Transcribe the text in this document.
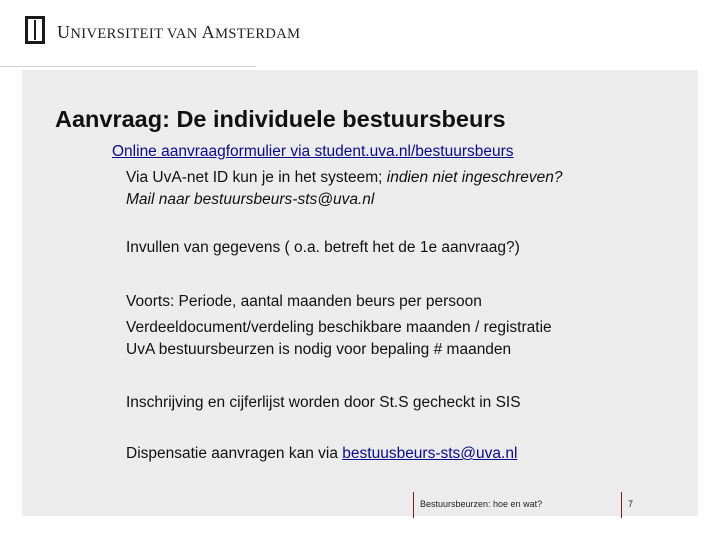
x
x
x UNIVERSITEIT VAN AMSTERDAM
Aanvraag: De individuele bestuursbeurs
Online aanvraagformulier via student.uva.nl/bestuursbeurs
Via UvA-net ID kun je in het systeem; indien niet ingeschreven?
Mail naar bestuursbeurs-sts@uva.nl
Invullen van gegevens ( o.a. betreft het de 1e aanvraag?)
Voorts: Periode, aantal maanden beurs per persoon
Verdeeldocument/verdeling beschikbare maanden / registratie
UvA bestuursbeurzen is nodig voor bepaling # maanden
Inschrijving en cijferlijst worden door St.S gecheckt in SIS
Dispensatie aanvragen kan via bestuusbeurs-sts@uva.nl
Bestuursbeurzen: hoe en wat?	7
